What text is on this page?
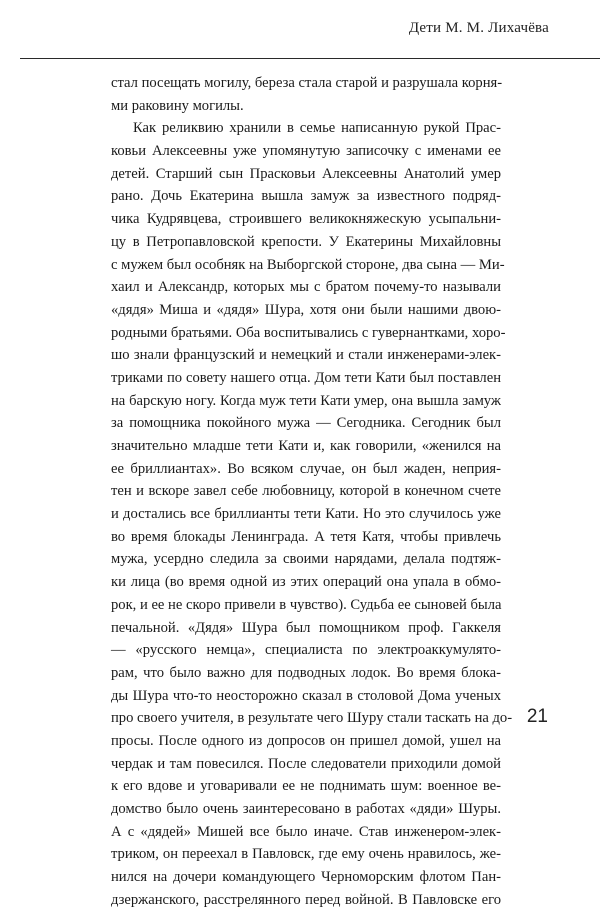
Дети М. М. Лихачёва
стал посещать могилу, береза стала старой и разрушала корня-
ми раковину могилы.
Как реликвию хранили в семье написанную рукой Прас-
ковьи Алексеевны уже упомянутую записочку с именами ее
детей. Старший сын Прасковьи Алексеевны Анатолий умер
рано. Дочь Екатерина вышла замуж за известного подряд-
чика Кудрявцева, строившего великокняжескую усыпальни-
цу в Петропавловской крепости. У Екатерины Михайловны
с мужем был особняк на Выборгской стороне, два сына — Ми-
хаил и Александр, которых мы с братом почему-то называли
«дядя» Миша и «дядя» Шура, хотя они были нашими двою-
родными братьями. Оба воспитывались с гувернантками, хоро-
шо знали французский и немецкий и стали инженерами-элек-
триками по совету нашего отца. Дом тети Кати был поставлен
на барскую ногу. Когда муж тети Кати умер, она вышла замуж
за помощника покойного мужа — Сегодника. Сегодник был
значительно младше тети Кати и, как говорили, «женился на
ее бриллиантах». Во всяком случае, он был жаден, неприя-
тен и вскоре завел себе любовницу, которой в конечном счете
и достались все бриллианты тети Кати. Но это случилось уже
во время блокады Ленинграда. А тетя Катя, чтобы привлечь
мужа, усердно следила за своими нарядами, делала подтяж-
ки лица (во время одной из этих операций она упала в обмо-
рок, и ее не скоро привели в чувство). Судьба ее сыновей была
печальной. «Дядя» Шура был помощником проф. Гаккеля
— «русского немца», специалиста по электроаккумулято-
рам, что было важно для подводных лодок. Во время блока-
ды Шура что-то неосторожно сказал в столовой Дома ученых
про своего учителя, в результате чего Шуру стали таскать на до-
просы. После одного из допросов он пришел домой, ушел на
чердак и там повесился. После следователи приходили домой
к его вдове и уговаривали ее не поднимать шум: военное ве-
домство было очень заинтересовано в работах «дяди» Шуры.
А с «дядей» Мишей все было иначе. Став инженером-элек-
триком, он переехал в Павловск, где ему очень нравилось, же-
нился на дочери командующего Черноморским флотом Пан-
дзержанского, расстрелянного перед войной. В Павловске его
21
